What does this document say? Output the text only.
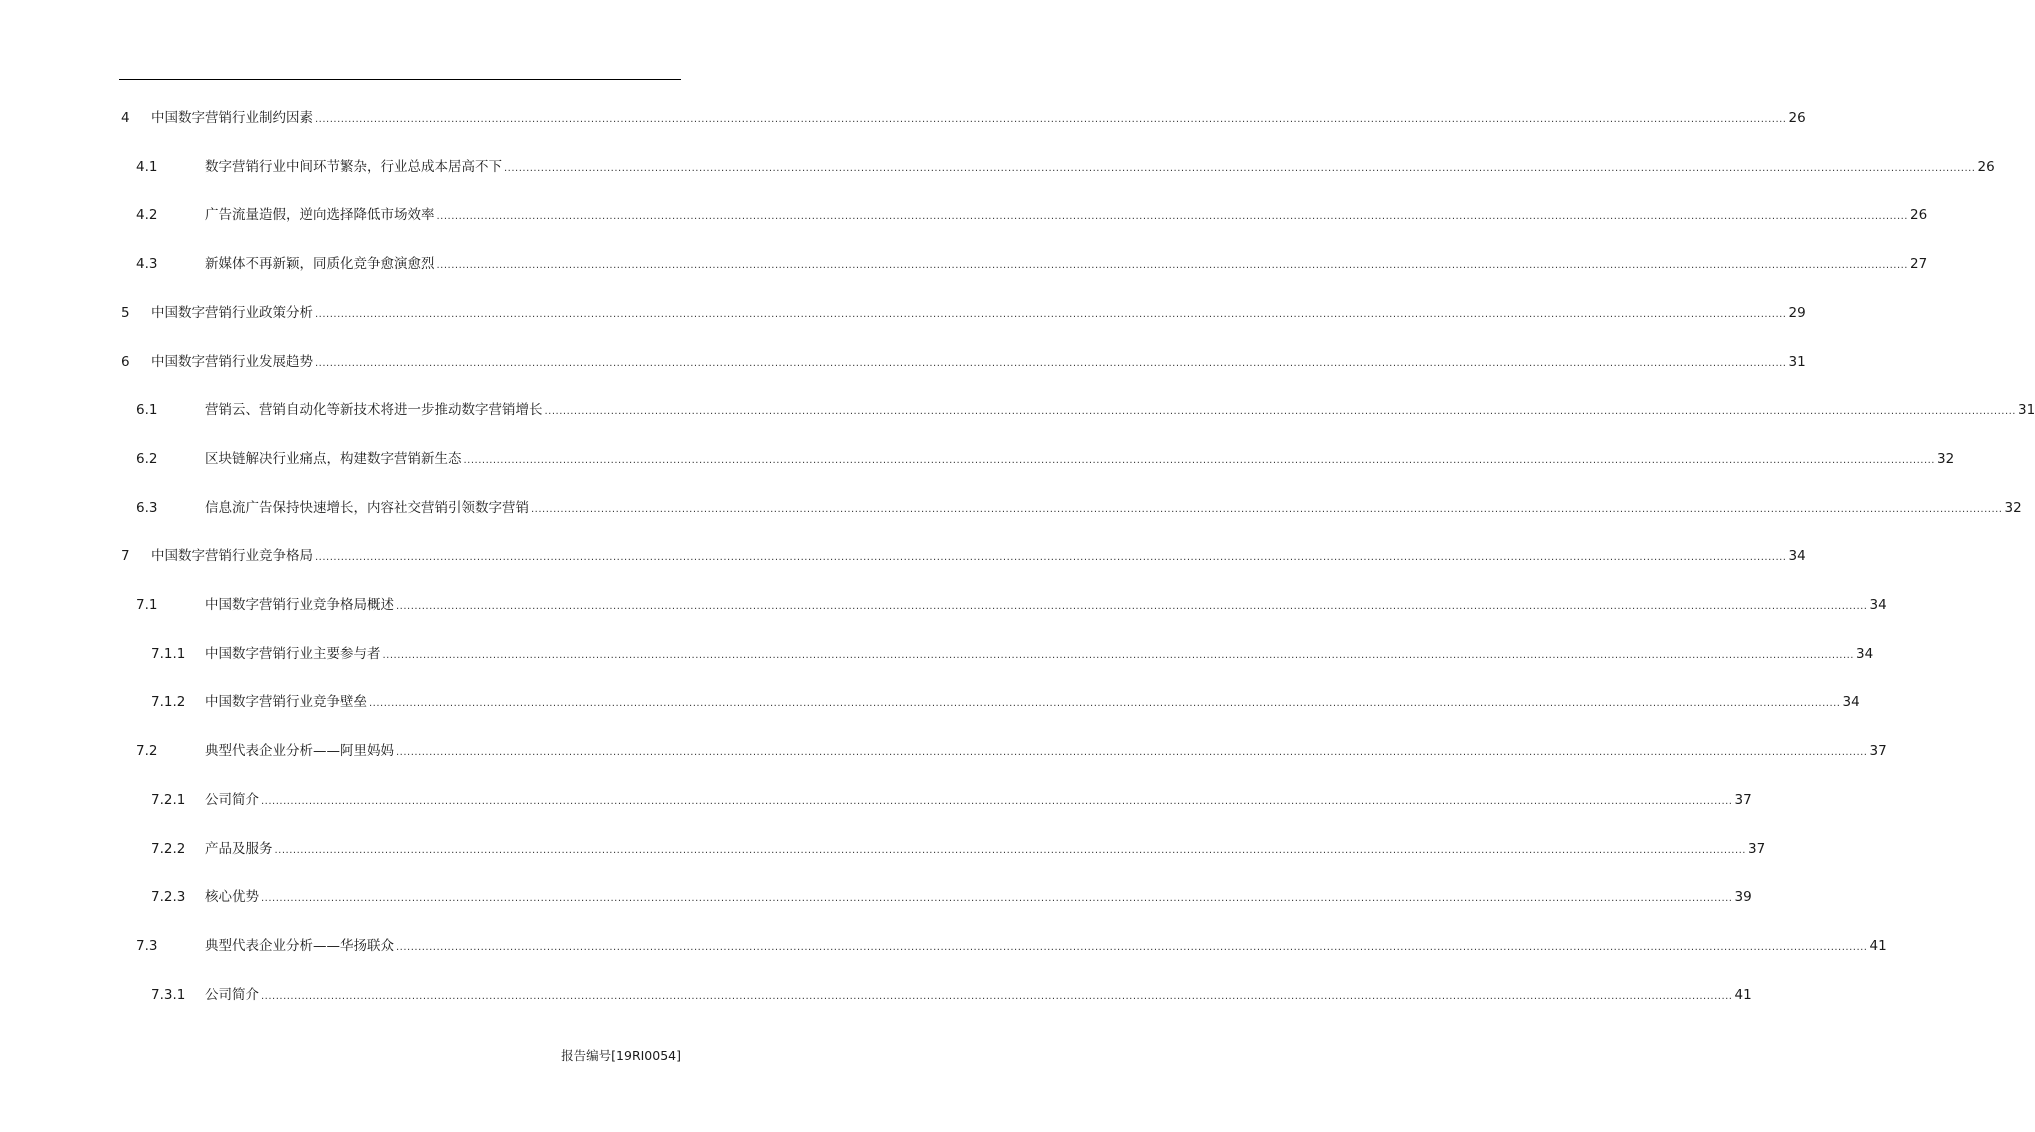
4 中国数字营销行业制约因素 ................................................................................................................................................................................................................................................................................................................................................................................................................ 26
4.1	数字营销行业中间环节繁杂，行业总成本居高不下 ................................................................................................................................................................................................................................................................................................................................................................................................................ 26
4.2	广告流量造假，逆向选择降低市场效率 ................................................................................................................................................................................................................................................................................................................................................................................................................ 26
4.3	新媒体不再新颖，同质化竞争愈演愈烈 ................................................................................................................................................................................................................................................................................................................................................................................................................ 27
5 中国数字营销行业政策分析 ................................................................................................................................................................................................................................................................................................................................................................................................................ 29
6 中国数字营销行业发展趋势 ................................................................................................................................................................................................................................................................................................................................................................................................................ 31
6.1	营销云、营销自动化等新技术将进一步推动数字营销增长 ................................................................................................................................................................................................................................................................................................................................................................................................................ 31
6.2	区块链解决行业痛点，构建数字营销新生态 ................................................................................................................................................................................................................................................................................................................................................................................................................ 32
6.3	信息流广告保持快速增长，内容社交营销引领数字营销 ................................................................................................................................................................................................................................................................................................................................................................................................................ 32
7 中国数字营销行业竞争格局 ................................................................................................................................................................................................................................................................................................................................................................................................................ 34
7.1	中国数字营销行业竞争格局概述 ................................................................................................................................................................................................................................................................................................................................................................................................................ 34
7.1.1 中国数字营销行业主要参与者 ................................................................................................................................................................................................................................................................................................................................................................................................................ 34
7.1.2 中国数字营销行业竞争壁垒 ................................................................................................................................................................................................................................................................................................................................................................................................................ 34
7.2	典型代表企业分析——阿里妈妈 ................................................................................................................................................................................................................................................................................................................................................................................................................ 37
7.2.1 公司简介 ................................................................................................................................................................................................................................................................................................................................................................................................................ 37
7.2.2 产品及服务 ................................................................................................................................................................................................................................................................................................................................................................................................................ 37
7.2.3 核心优势 ................................................................................................................................................................................................................................................................................................................................................................................................................ 39
7.3	典型代表企业分析——华扬联众 ................................................................................................................................................................................................................................................................................................................................................................................................................ 41
7.3.1 公司简介 ................................................................................................................................................................................................................................................................................................................................................................................................................ 41
报告编号[19RI0054]
